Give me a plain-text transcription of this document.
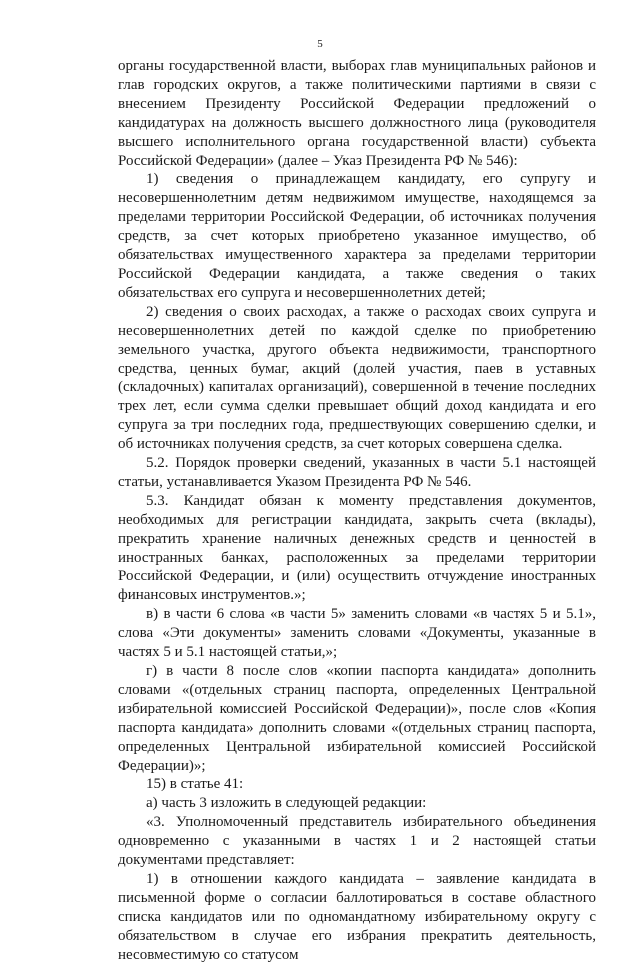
5

органы государственной власти, выборах глав муниципальных районов и глав городских округов, а также политическими партиями в связи с внесением Президенту Российской Федерации предложений о кандидатурах на должность высшего должностного лица (руководителя высшего исполнительного органа государственной власти) субъекта Российской Федерации» (далее – Указ Президента РФ № 546):

1) сведения о принадлежащем кандидату, его супругу и несовершеннолетним детям недвижимом имуществе, находящемся за пределами территории Российской Федерации, об источниках получения средств, за счет которых приобретено указанное имущество, об обязательствах имущественного характера за пределами территории Российской Федерации кандидата, а также сведения о таких обязательствах его супруга и несовершеннолетних детей;

2) сведения о своих расходах, а также о расходах своих супруга и несовершеннолетних детей по каждой сделке по приобретению земельного участка, другого объекта недвижимости, транспортного средства, ценных бумаг, акций (долей участия, паев в уставных (складочных) капиталах организаций), совершенной в течение последних трех лет, если сумма сделки превышает общий доход кандидата и его супруга за три последних года, предшествующих совершению сделки, и об источниках получения средств, за счет которых совершена сделка.

5.2. Порядок проверки сведений, указанных в части 5.1 настоящей статьи, устанавливается Указом Президента РФ № 546.

5.3. Кандидат обязан к моменту представления документов, необходимых для регистрации кандидата, закрыть счета (вклады), прекратить хранение наличных денежных средств и ценностей в иностранных банках, расположенных за пределами территории Российской Федерации, и (или) осуществить отчуждение иностранных финансовых инструментов.»;

в) в части 6 слова «в части 5» заменить словами «в частях 5 и 5.1», слова «Эти документы» заменить словами «Документы, указанные в частях 5 и 5.1 настоящей статьи,»;

г) в части 8 после слов «копии паспорта кандидата» дополнить словами «(отдельных страниц паспорта, определенных Центральной избирательной комиссией Российской Федерации)», после слов «Копия паспорта кандидата» дополнить словами «(отдельных страниц паспорта, определенных Центральной избирательной комиссией Российской Федерации)»;

15) в статье 41:

а) часть 3 изложить в следующей редакции:

«3. Уполномоченный представитель избирательного объединения одновременно с указанными в частях 1 и 2 настоящей статьи документами представляет:

1) в отношении каждого кандидата – заявление кандидата в письменной форме о согласии баллотироваться в составе областного списка кандидатов или по одномандатному избирательному округу с обязательством в случае его избрания прекратить деятельность, несовместимую со статусом
